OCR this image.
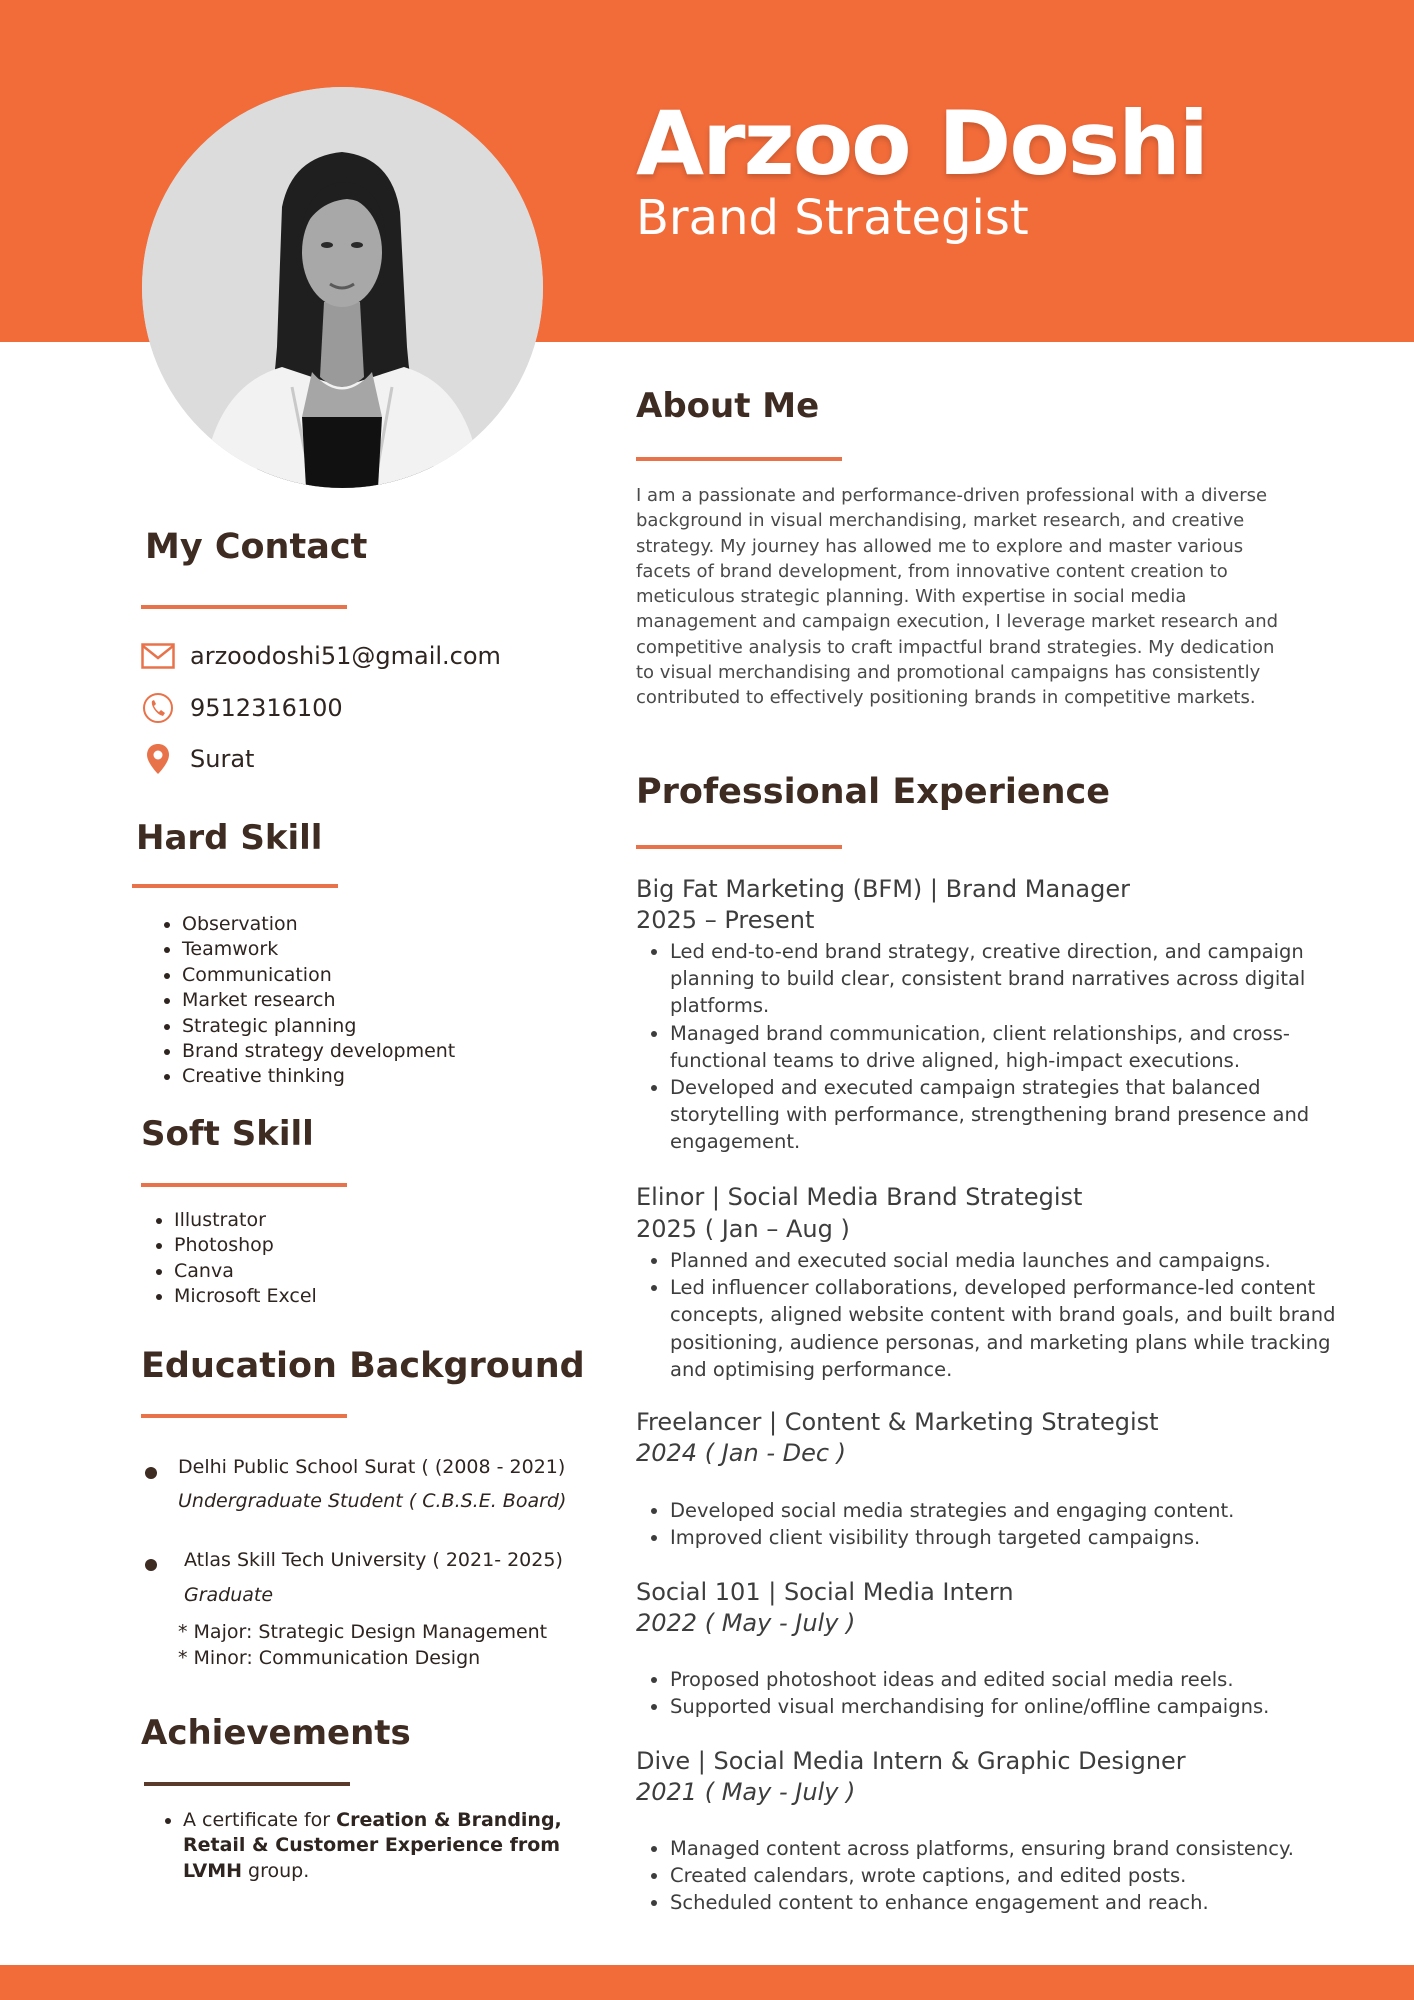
Arzoo Doshi
Brand Strategist
My Contact
arzoodoshi51@gmail.com
9512316100
Surat
Hard Skill
• Observation
• Teamwork
• Communication
• Market research
• Strategic planning
• Brand strategy development
• Creative thinking
Soft Skill
• Illustrator
• Photoshop
• Canva
• Microsoft Excel
Education Background

Delhi Public School Surat ( (2008 - 2021)

Undergraduate Student ( C.B.S.E. Board)

Atlas Skill Tech University ( 2021- 2025)

Graduate

* Major: Strategic Design Management

* Minor: Communication Design

Achievements
• A certificate for Creation & Branding, Retail & Customer Experience from LVMH group.
About Me

I am a passionate and performance-driven professional with a diverse background in visual merchandising, market research, and creative strategy. My journey has allowed me to explore and master various facets of brand development, from innovative content creation to meticulous strategic planning. With expertise in social media management and campaign execution, I leverage market research and competitive analysis to craft impactful brand strategies. My dedication to visual merchandising and promotional campaigns has consistently contributed to effectively positioning brands in competitive markets.

Professional Experience

Big Fat Marketing (BFM) | Brand Manager

2025 – Present

• Led end-to-end brand strategy, creative direction, and campaign planning to build clear, consistent brand narratives across digital platforms.
• Managed brand communication, client relationships, and cross-functional teams to drive aligned, high-impact executions.
• Developed and executed campaign strategies that balanced storytelling with performance, strengthening brand presence and engagement.

Elinor | Social Media Brand Strategist

2025 ( Jan – Aug )

• Planned and executed social media launches and campaigns.
• Led influencer collaborations, developed performance-led content concepts, aligned website content with brand goals, and built brand positioning, audience personas, and marketing plans while tracking and optimising performance.

Freelancer | Content & Marketing Strategist

2024 ( Jan - Dec )

• Developed social media strategies and engaging content.
• Improved client visibility through targeted campaigns.

Social 101 | Social Media Intern

2022 ( May - July )

• Proposed photoshoot ideas and edited social media reels.
• Supported visual merchandising for online/offline campaigns.

Dive | Social Media Intern & Graphic Designer

2021 ( May - July )

• Managed content across platforms, ensuring brand consistency.
• Created calendars, wrote captions, and edited posts.
• Scheduled content to enhance engagement and reach.
